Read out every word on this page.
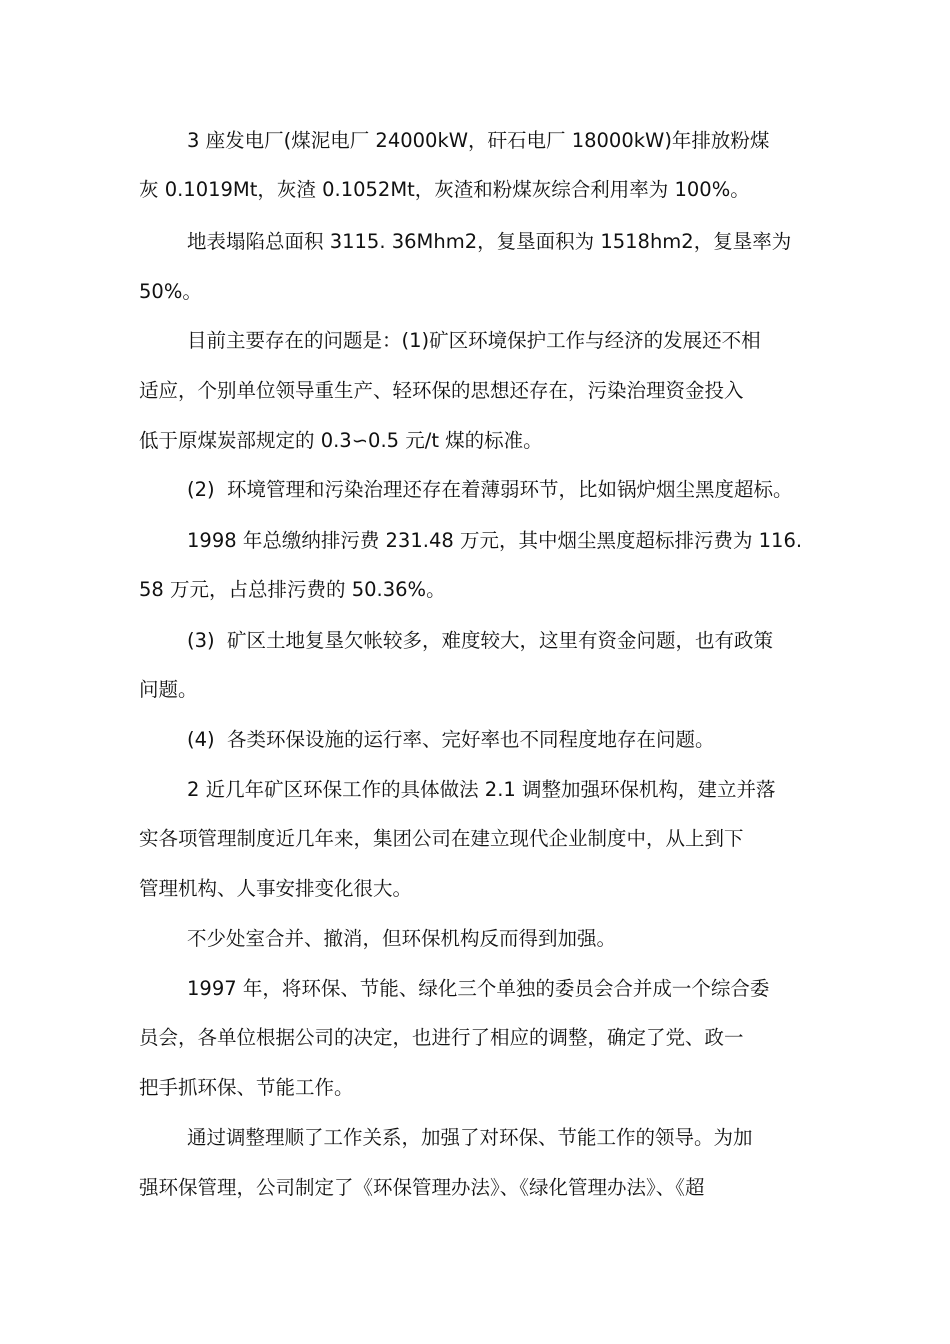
3 座发电厂(煤泥电厂 24000kW，矸石电厂 18000kW)年排放粉煤
灰 0.1019Mt，灰渣 0.1052Mt，灰渣和粉煤灰综合利用率为 100%。
地表塌陷总面积 3115. 36Mhm2，复垦面积为 1518hm2，复垦率为
50%。
目前主要存在的问题是：(1)矿区环境保护工作与经济的发展还不相
适应，个别单位领导重生产、轻环保的思想还存在，污染治理资金投入
低于原煤炭部规定的 0.3∽0.5 元/t 煤的标准。
(2)  环境管理和污染治理还存在着薄弱环节，比如锅炉烟尘黑度超标。
1998 年总缴纳排污费 231.48 万元，其中烟尘黑度超标排污费为 116.
58 万元，占总排污费的 50.36%。
(3)  矿区土地复垦欠帐较多，难度较大，这里有资金问题，也有政策
问题。
(4)  各类环保设施的运行率、完好率也不同程度地存在问题。
2 近几年矿区环保工作的具体做法 2.1 调整加强环保机构，建立并落
实各项管理制度近几年来，集团公司在建立现代企业制度中，从上到下
管理机构、人事安排变化很大。
不少处室合并、撤消，但环保机构反而得到加强。
1997 年，将环保、节能、绿化三个单独的委员会合并成一个综合委
员会，各单位根据公司的决定，也进行了相应的调整，确定了党、政一
把手抓环保、节能工作。
通过调整理顺了工作关系，加强了对环保、节能工作的领导。为加
强环保管理，公司制定了《环保管理办法》、《绿化管理办法》、《超
